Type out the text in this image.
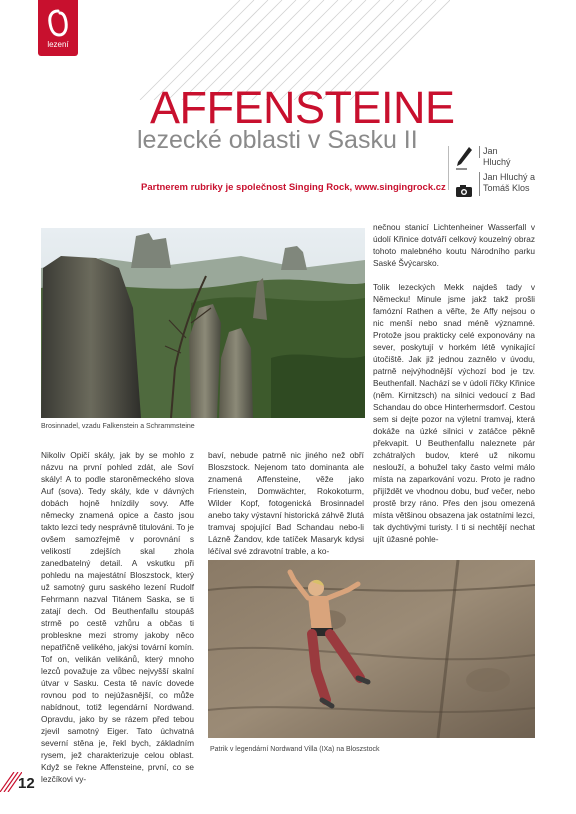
lezení
AFFENSTEINE
lezecké oblasti v Sasku II	Jan Hluchý
Jan Hluchý a Tomáš Klos
Partnerem rubriky je společnost Singing Rock, www.singingrock.cz
Brosinnadel, vzadu Falkenstein a Schrammsteine

Nikoliv Opičí skály, jak by se mohlo z názvu na první pohled zdát, ale Soví skály! A to podle staroněmeckého slova Auf (sova). Tedy skály, kde v dávných dobách hojně hnízdily sovy. Affe německy znamená opice a často jsou takto lezci tedy nesprávně titulováni. To je ovšem samozřejmě v porovnání s velikostí zdejších skal zhola zanedbatelný detail. A vskutku při pohledu na majestátní Bloszstock, který už samotný guru saského lezení Rudolf Fehrmann nazval Titánem Saska, se ti zatají dech. Od Beuthenfallu stoupáš strmě po cestě vzhůru a občas ti probleskne mezi stromy jakoby něco nepatřičně velikého, jakýsi tovární komín. Tof on, velikán velikánů, který mnoho lezců považuje za vůbec nejvyšší skalní útvar v Sasku. Cesta tě navíc dovede rovnou pod to nejúžasnější, co může nabídnout, totiž legendární Nordwand. Opravdu, jako by se rázem před tebou zjevil samotný Eiger. Tato úchvatná severní stěna je, řekl bych, základním rysem, jež charakterizuje celou oblast. Když se řekne Affensteine, první, co se lezčíkovi vy-

baví, nebude patrně nic jiného než obří Bloszstock. Nejenom tato dominanta ale znamená Affensteine, věže jako Frienstein, Domwächter, Rokokoturm, Wilder Kopf, fotogenická Brosinnadel anebo taky výstavní historická záhvě žlutá tramvaj spojující Bad Schandau nebo-li Lázně Žandov, kde tatíček Masaryk kdysi léčíval své zdravotní trable, a ko-

nečnou stanicí Lichtenheiner Wasserfall v údolí Křinice dotváří celkový kouzelný obraz tohoto malebného koutu Národního parku Saské Švýcarsko.

Tolik lezeckých Mekk najdeš tady v Německu! Minule jsme jakž takž prošli famózní Rathen a věřte, že Affy nejsou o nic menší nebo snad méně významné. Protože jsou prakticky celé exponovány na sever, poskytují v horkém létě vynikající útočiště. Jak již jednou zaznělo v úvodu, patrně nejvýhodnější výchozí bod je tzv. Beuthenfall. Nachází se v údolí říčky Křinice (něm. Kirnitzsch) na silnici vedoucí z Bad Schandau do obce Hinterhermsdorf. Cestou sem si dejte pozor na výletní tramvaj, která dokáže na úzké silnici v zatáčce pěkně překvapit. U Beuthenfallu naleznete pár zchátralých budov, které už nikomu neslouží, a bohužel taky často velmi málo místa na zaparkování vozu. Proto je radno přijíždět ve vhodnou dobu, buď večer, nebo prostě brzy ráno. Přes den jsou omezená místa většinou obsazena jak ostatními lezci, tak dychtivými turisty. I ti si nechtějí nechat ujít úžasné pohle-

Patrik v legendární Nordwand Villa (IXa) na Bloszstock
12
